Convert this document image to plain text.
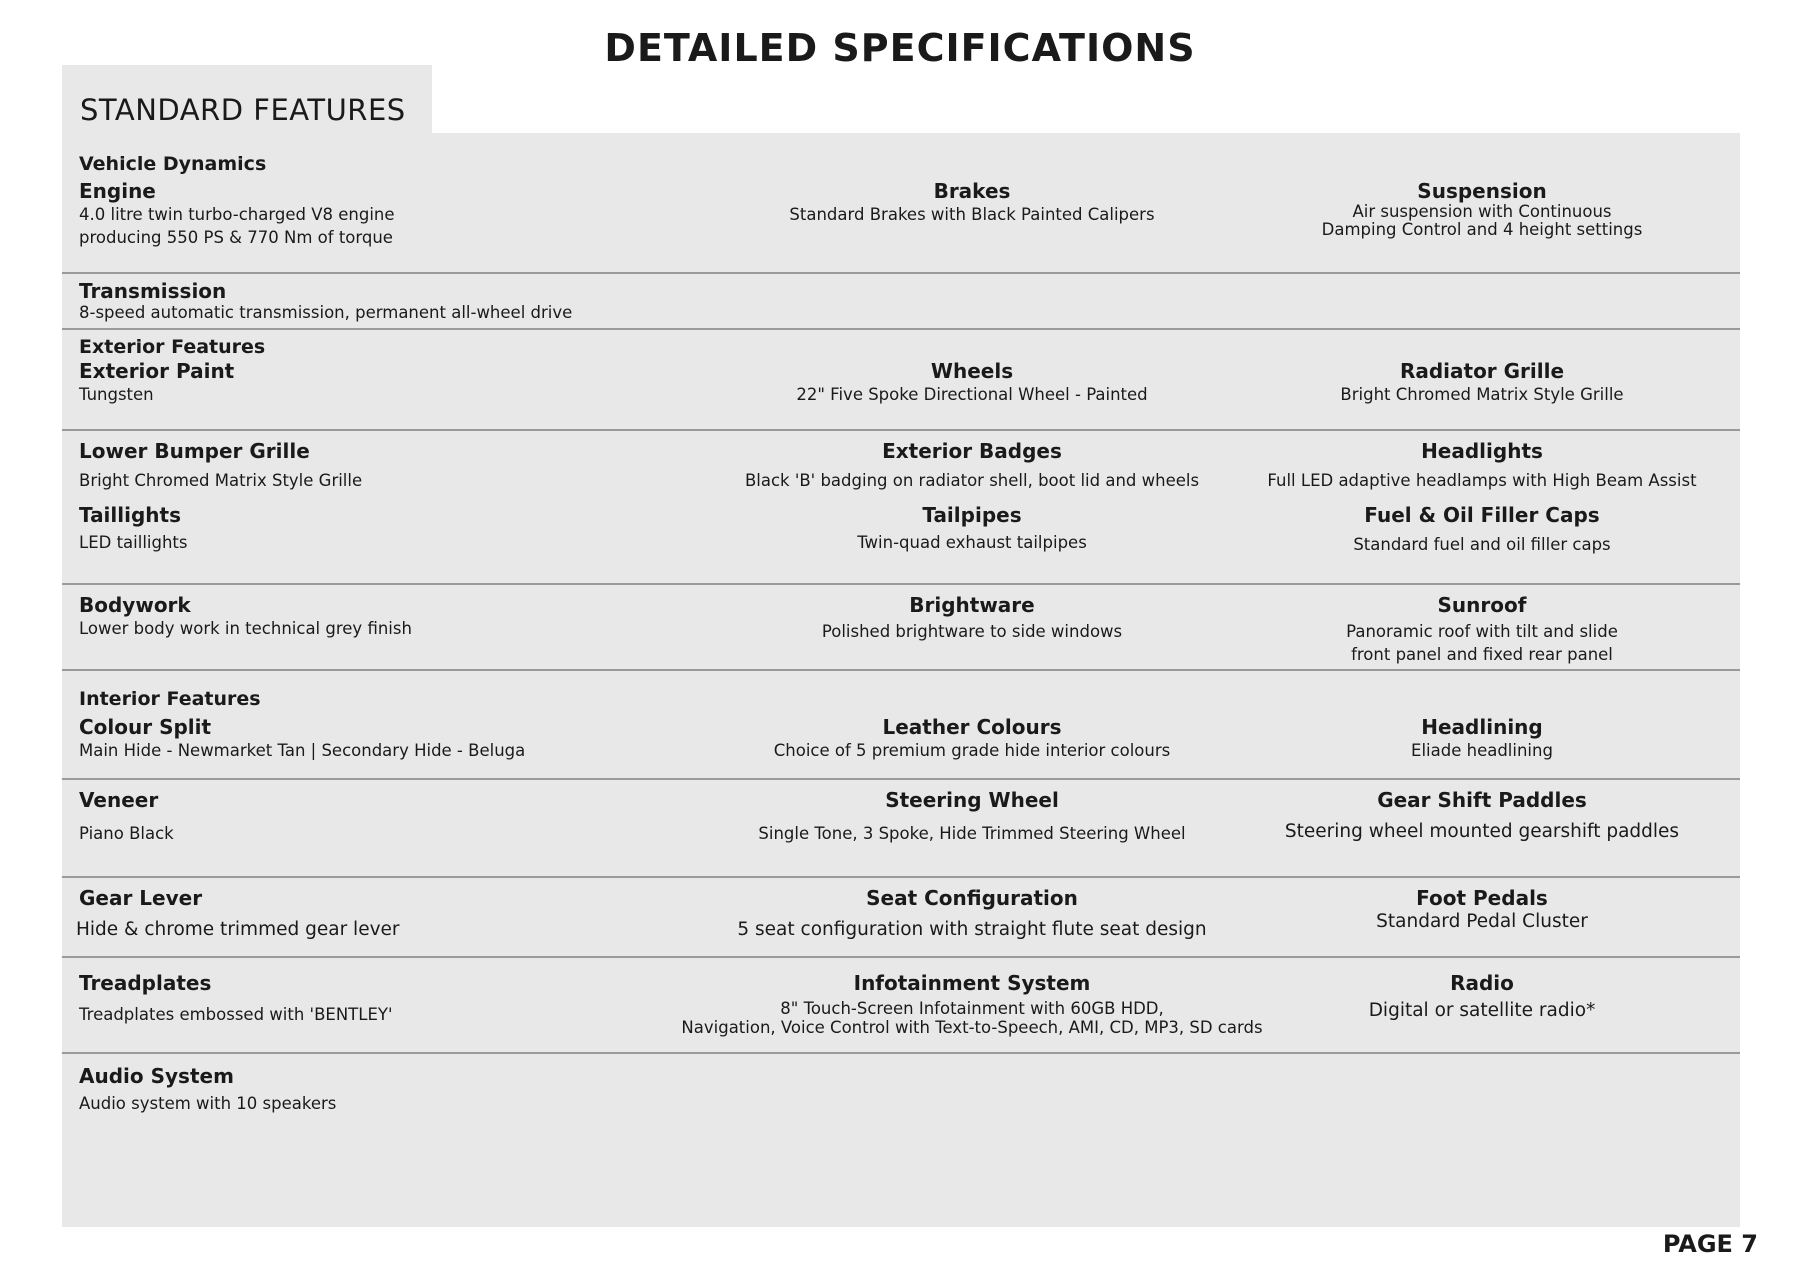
DETAILED SPECIFICATIONS
STANDARD FEATURES
Vehicle Dynamics
Engine
4.0 litre twin turbo-charged V8 engine
producing 550 PS & 770 Nm of torque
Brakes
Standard Brakes with Black Painted Calipers
Suspension
Air suspension with Continuous
Damping Control and 4 height settings
Transmission
8-speed automatic transmission, permanent all-wheel drive
Exterior Features
Exterior Paint
Tungsten
Wheels
22" Five Spoke Directional Wheel - Painted
Radiator Grille
Bright Chromed Matrix Style Grille
Lower Bumper Grille
Bright Chromed Matrix Style Grille
Exterior Badges
Black 'B' badging on radiator shell, boot lid and wheels
Headlights
Full LED adaptive headlamps with High Beam Assist
Taillights
LED taillights
Tailpipes
Twin-quad exhaust tailpipes
Fuel & Oil Filler Caps
Standard fuel and oil filler caps
Bodywork
Lower body work in technical grey finish
Brightware
Polished brightware to side windows
Sunroof
Panoramic roof with tilt and slide
front panel and fixed rear panel
Interior Features
Colour Split
Main Hide - Newmarket Tan | Secondary Hide - Beluga
Leather Colours
Choice of 5 premium grade hide interior colours
Headlining
Eliade headlining
Veneer
Piano Black
Steering Wheel
Single Tone, 3 Spoke, Hide Trimmed Steering Wheel
Gear Shift Paddles
Steering wheel mounted gearshift paddles
Gear Lever
Hide & chrome trimmed gear lever
Seat Configuration
5 seat configuration with straight flute seat design
Foot Pedals
Standard Pedal Cluster
Treadplates
Treadplates embossed with 'BENTLEY'
Infotainment System
8" Touch-Screen Infotainment with 60GB HDD,
Navigation, Voice Control with Text-to-Speech, AMI, CD, MP3, SD cards
Radio
Digital or satellite radio*
Audio System
Audio system with 10 speakers
PAGE 7
